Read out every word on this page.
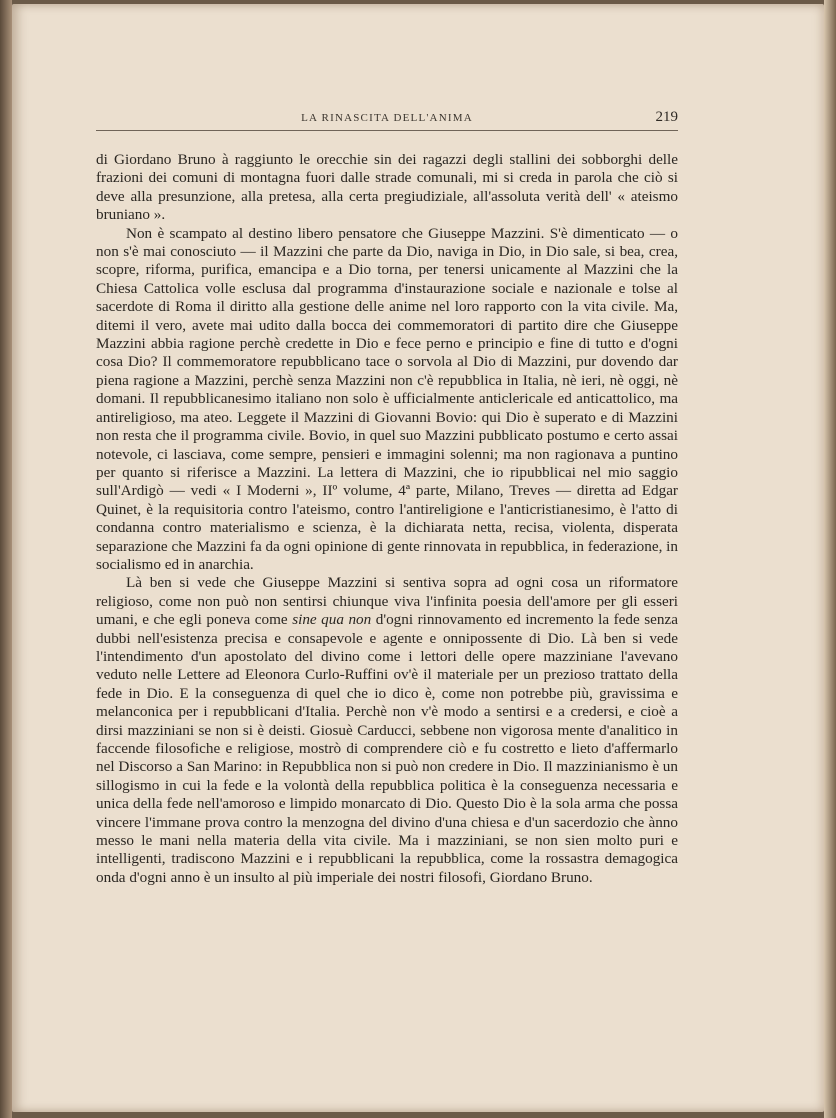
LA RINASCITA DELL'ANIMA	219

di Giordano Bruno à raggiunto le orecchie sin dei ragazzi degli stallini dei sobborghi delle frazioni dei comuni di montagna fuori dalle strade comunali, mi si creda in parola che ciò si deve alla presunzione, alla pretesa, alla certa pregiudiziale, all'assoluta verità dell' « ateismo bruniano ».

Non è scampato al destino libero pensatore che Giuseppe Mazzini. S'è dimenticato — o non s'è mai conosciuto — il Mazzini che parte da Dio, naviga in Dio, in Dio sale, si bea, crea, scopre, riforma, purifica, emancipa e a Dio torna, per tenersi unicamente al Mazzini che la Chiesa Cattolica volle esclusa dal programma d'instaurazione sociale e nazionale e tolse al sacerdote di Roma il diritto alla gestione delle anime nel loro rapporto con la vita civile. Ma, ditemi il vero, avete mai udito dalla bocca dei commemoratori di partito dire che Giuseppe Mazzini abbia ragione perchè credette in Dio e fece perno e principio e fine di tutto e d'ogni cosa Dio? Il commemoratore repubblicano tace o sorvola al Dio di Mazzini, pur dovendo dar piena ragione a Mazzini, perchè senza Mazzini non c'è repubblica in Italia, nè ieri, nè oggi, nè domani. Il repubblicanesimo italiano non solo è ufficialmente anticlericale ed anticattolico, ma antireligioso, ma ateo. Leggete il Mazzini di Giovanni Bovio: qui Dio è superato e di Mazzini non resta che il programma civile. Bovio, in quel suo Mazzini pubblicato postumo e certo assai notevole, ci lasciava, come sempre, pensieri e immagini solenni; ma non ragionava a puntino per quanto si riferisce a Mazzini. La lettera di Mazzini, che io ripubblicai nel mio saggio sull'Ardigò — vedi « I Moderni », IIº volume, 4ª parte, Milano, Treves — diretta ad Edgar Quinet, è la requisitoria contro l'ateismo, contro l'antireligione e l'anticristianesimo, è l'atto di condanna contro materialismo e scienza, è la dichiarata netta, recisa, violenta, disperata separazione che Mazzini fa da ogni opinione di gente rinnovata in repubblica, in federazione, in socialismo ed in anarchia.

Là ben si vede che Giuseppe Mazzini si sentiva sopra ad ogni cosa un riformatore religioso, come non può non sentirsi chiunque viva l'infinita poesia dell'amore per gli esseri umani, e che egli poneva come sine qua non d'ogni rinnovamento ed incremento la fede senza dubbi nell'esistenza precisa e consapevole e agente e onnipossente di Dio. Là ben si vede l'intendimento d'un apostolato del divino come i lettori delle opere mazziniane l'avevano veduto nelle Lettere ad Eleonora Curlo-Ruffini ov'è il materiale per un prezioso trattato della fede in Dio. E la conseguenza di quel che io dico è, come non potrebbe più, gravissima e melanconica per i repubblicani d'Italia. Perchè non v'è modo a sentirsi e a credersi, e cioè a dirsi mazziniani se non si è deisti. Giosuè Carducci, sebbene non vigorosa mente d'analitico in faccende filosofiche e religiose, mostrò di comprendere ciò e fu costretto e lieto d'affermarlo nel Discorso a San Marino: in Repubblica non si può non credere in Dio. Il mazzinianismo è un sillogismo in cui la fede e la volontà della repubblica politica è la conseguenza necessaria e unica della fede nell'amoroso e limpido monarcato di Dio. Questo Dio è la sola arma che possa vincere l'immane prova contro la menzogna del divino d'una chiesa e d'un sacerdozio che ànno messo le mani nella materia della vita civile. Ma i mazziniani, se non sien molto puri e intelligenti, tradiscono Mazzini e i repubblicani la repubblica, come la rossastra demagogica onda d'ogni anno è un insulto al più imperiale dei nostri filosofi, Giordano Bruno.
